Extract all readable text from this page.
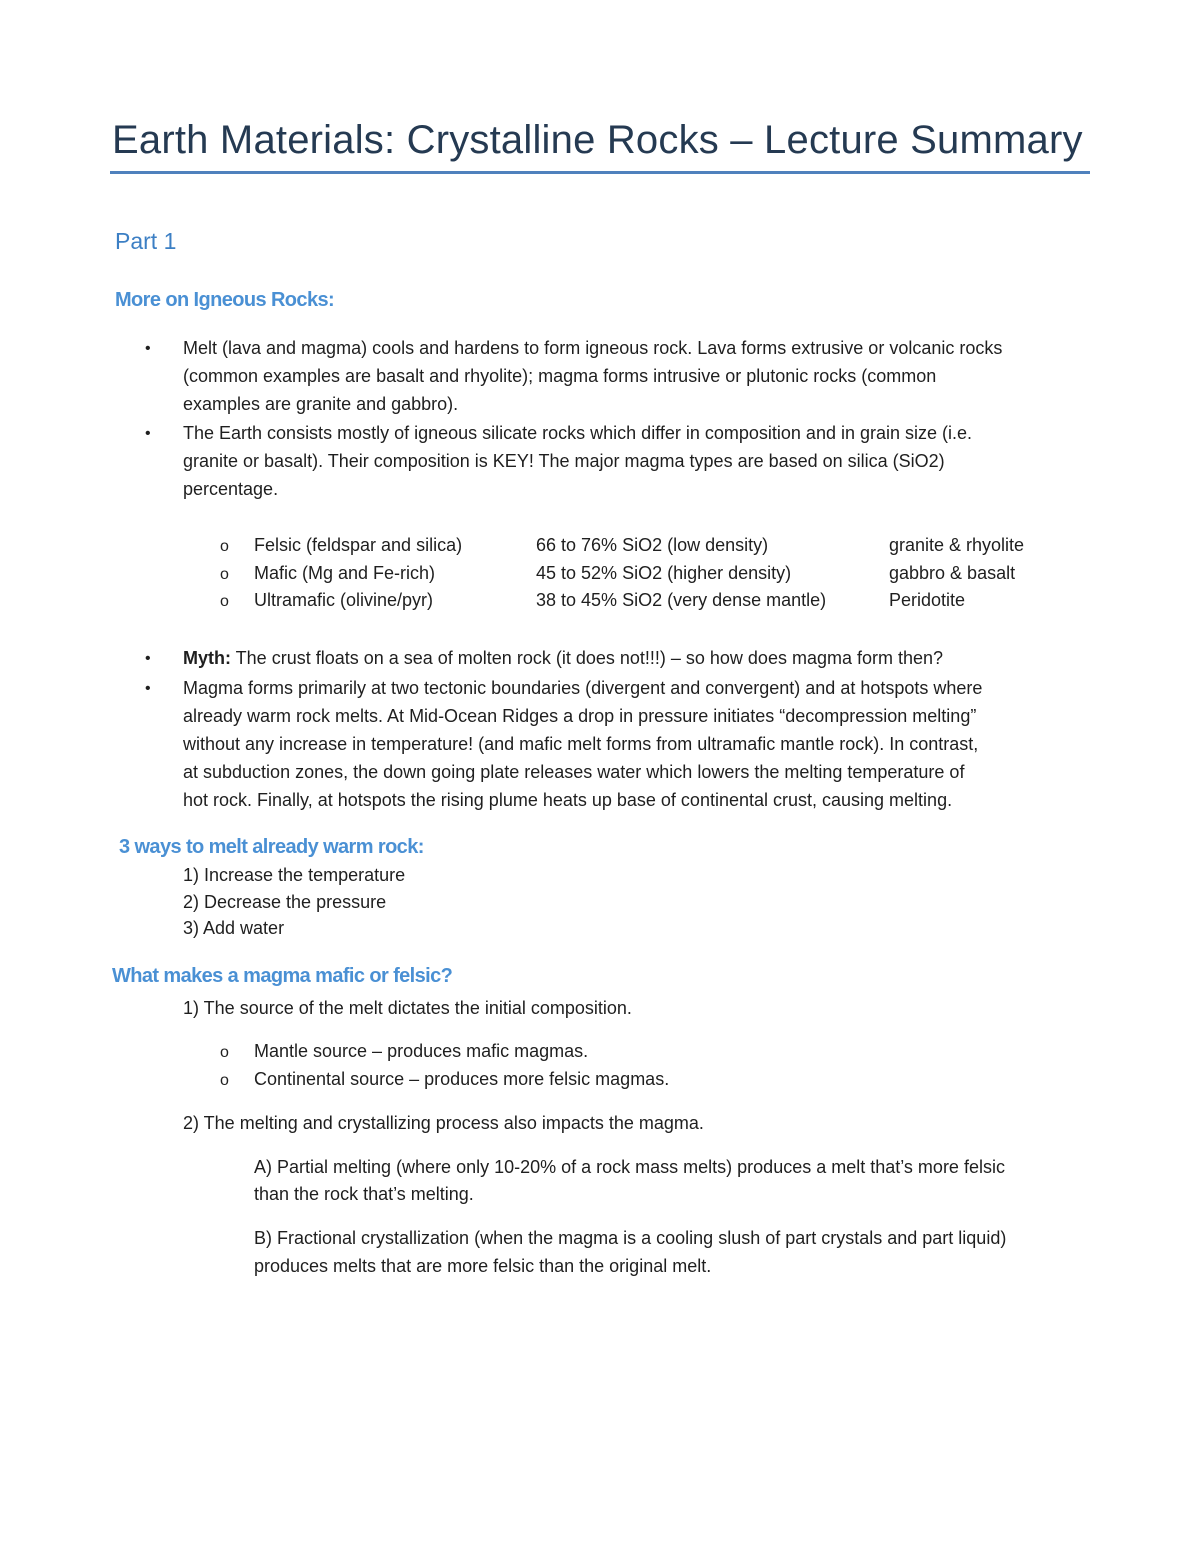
Earth Materials: Crystalline Rocks – Lecture Summary
Part 1
More on Igneous Rocks:
• Melt (lava and magma) cools and hardens to form igneous rock. Lava forms extrusive or volcanic rocks
(common examples are basalt and rhyolite); magma forms intrusive or plutonic rocks (common
examples are granite and gabbro).
• The Earth consists mostly of igneous silicate rocks which differ in composition and in grain size (i.e.
granite or basalt). Their composition is KEY! The major magma types are based on silica (SiO2)
percentage.
o Felsic (feldspar and silica)	66 to 76% SiO2 (low density)	granite & rhyolite
o Mafic (Mg and Fe-rich)	45 to 52% SiO2 (higher density)	gabbro & basalt
o Ultramafic (olivine/pyr)	38 to 45% SiO2 (very dense mantle)	Peridotite
• Myth: The crust floats on a sea of molten rock (it does not!!!) – so how does magma form then?
• Magma forms primarily at two tectonic boundaries (divergent and convergent) and at hotspots where
already warm rock melts. At Mid-Ocean Ridges a drop in pressure initiates “decompression melting”
without any increase in temperature! (and mafic melt forms from ultramafic mantle rock). In contrast,
at subduction zones, the down going plate releases water which lowers the melting temperature of
hot rock. Finally, at hotspots the rising plume heats up base of continental crust, causing melting.
3 ways to melt already warm rock:
1) Increase the temperature
2) Decrease the pressure
3) Add water
What makes a magma mafic or felsic?
1) The source of the melt dictates the initial composition.
o Mantle source – produces mafic magmas.
o Continental source – produces more felsic magmas.
2) The melting and crystallizing process also impacts the magma.
A) Partial melting (where only 10-20% of a rock mass melts) produces a melt that’s more felsic
than the rock that’s melting.
B) Fractional crystallization (when the magma is a cooling slush of part crystals and part liquid)
produces melts that are more felsic than the original melt.
